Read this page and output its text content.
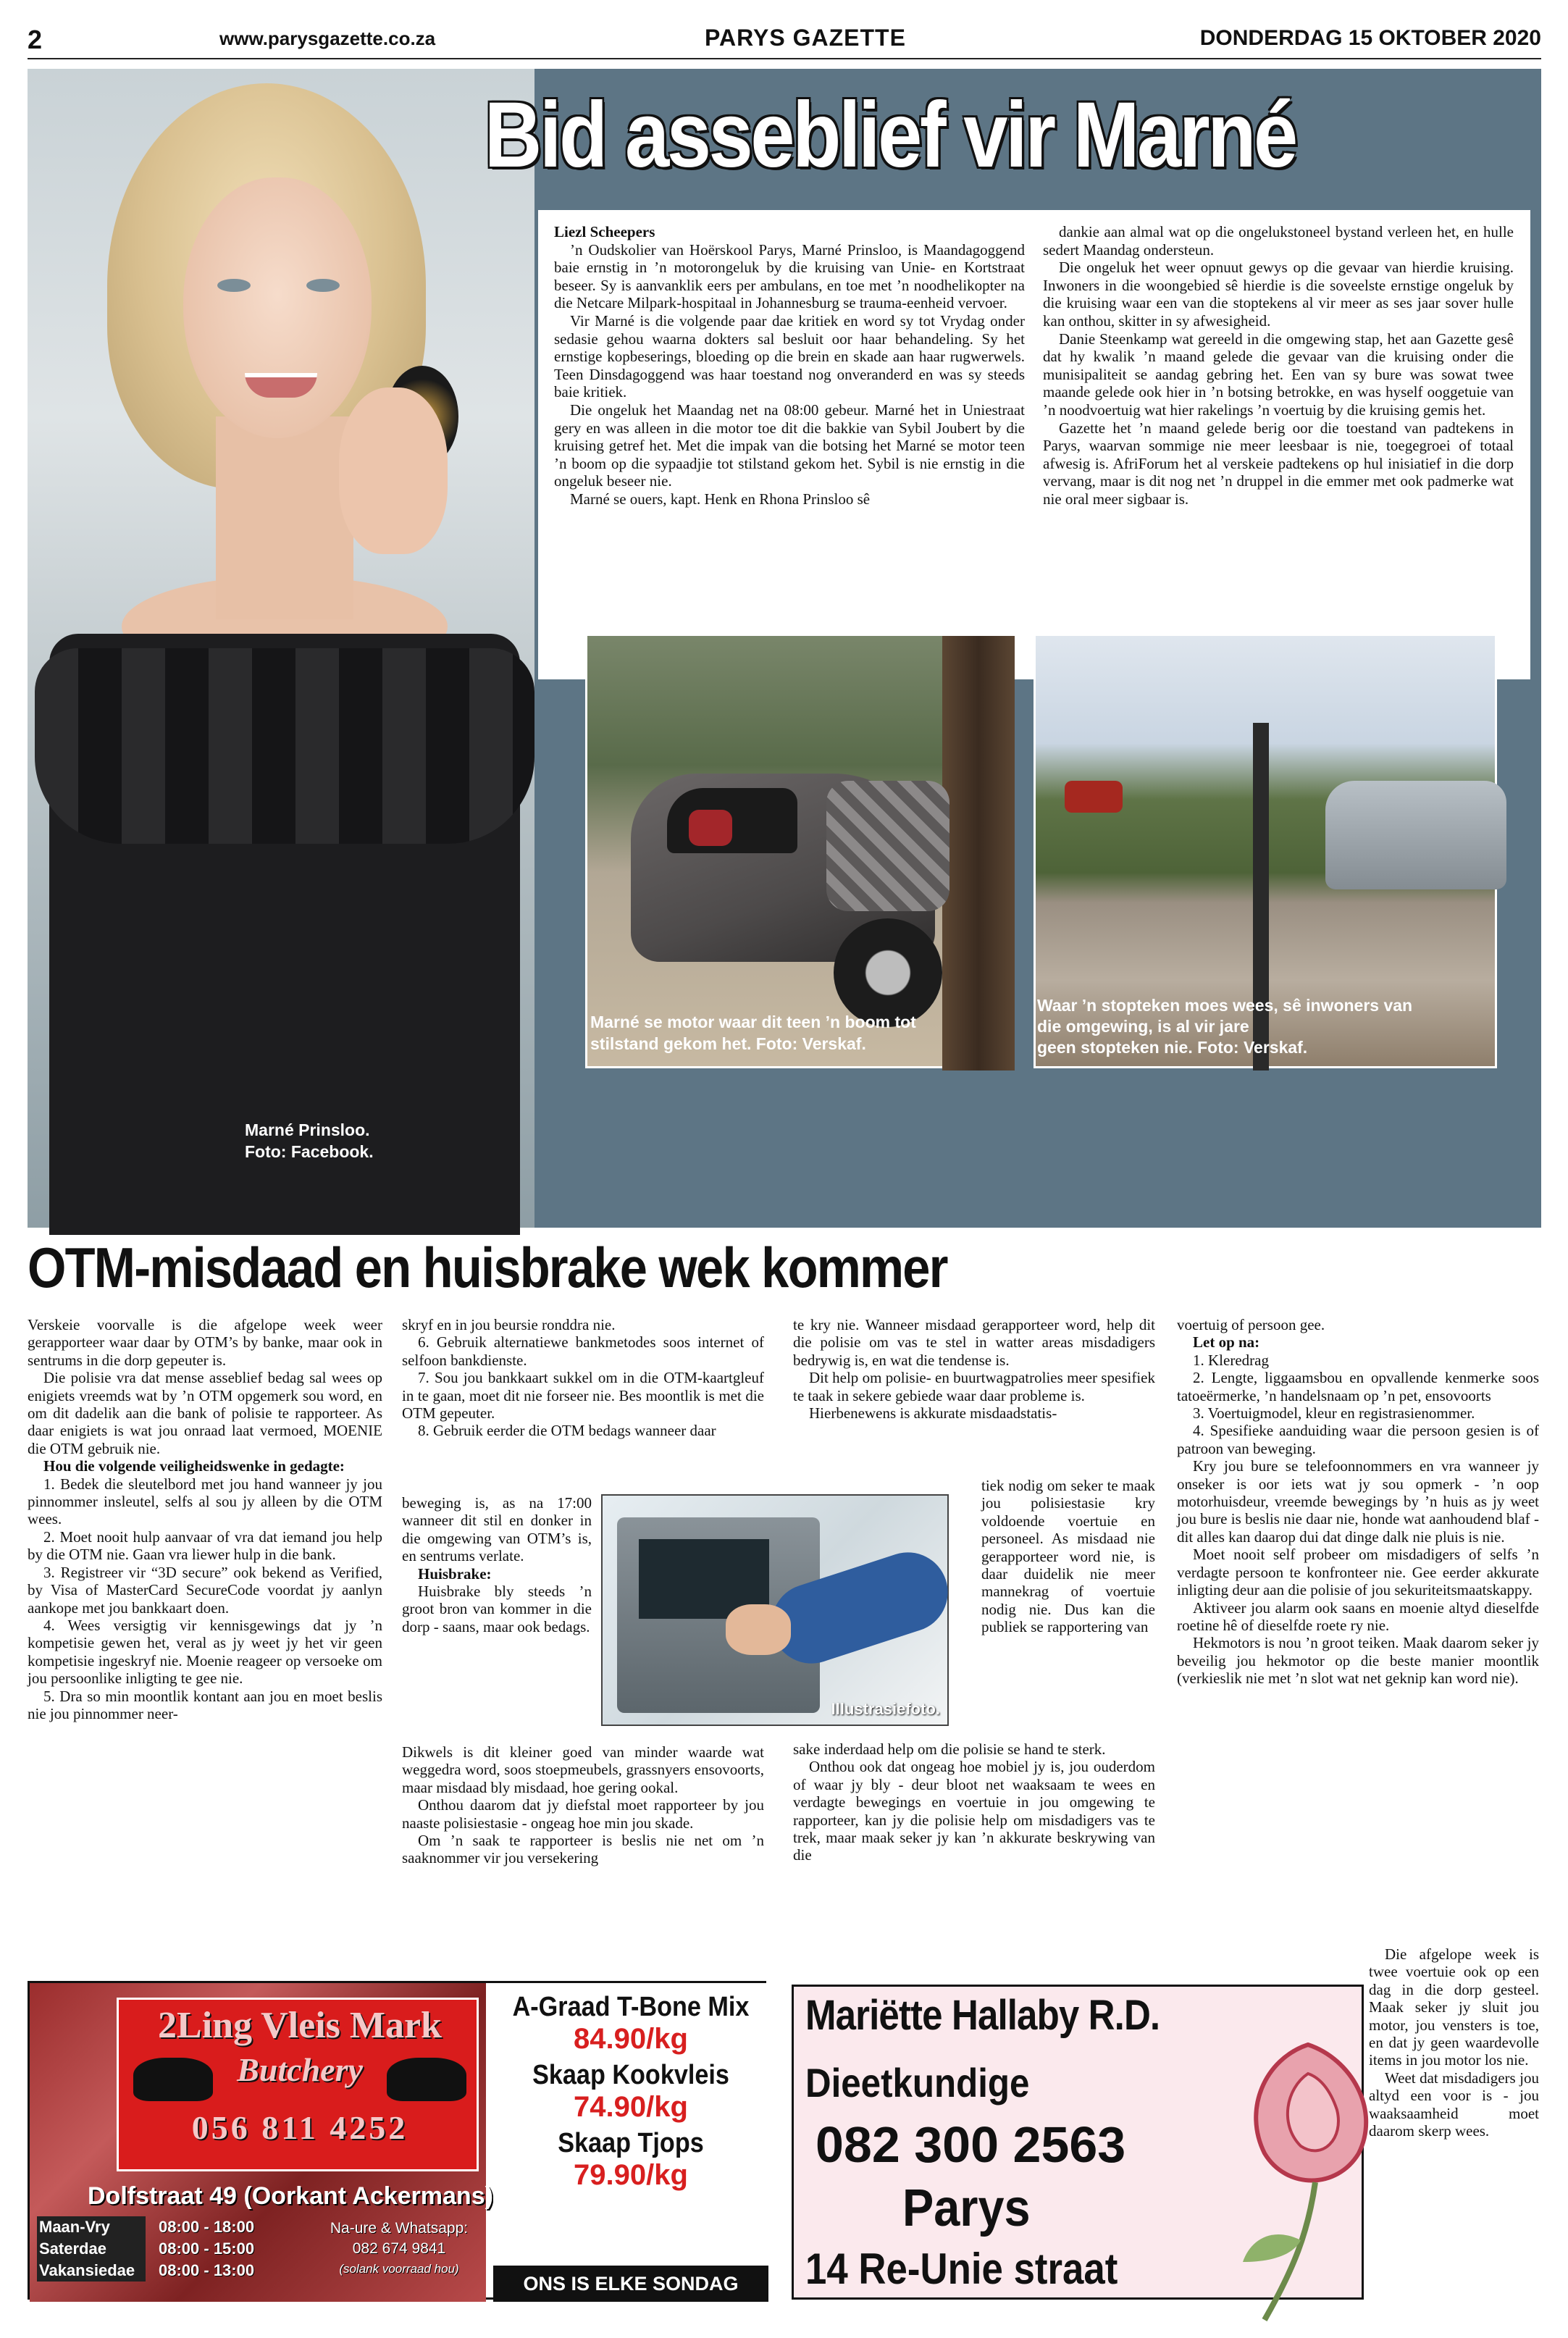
2	www.parysgazette.co.za	PARYS GAZETTE	DONDERDAG 15 OKTOBER 2020
Marné Prinsloo.
Foto: Facebook.
Bid asseblief vir Marné

Liezl Scheepers

’n Oudskolier van Hoërskool Parys, Marné Prinsloo, is Maandagoggend baie ernstig in ’n motorongeluk by die kruising van Unie- en Kortstraat beseer. Sy is aanvanklik eers per ambulans, en toe met ’n noodhelikopter na die Netcare Milpark-hospitaal in Johannesburg se trauma-eenheid vervoer.

Vir Marné is die volgende paar dae kritiek en word sy tot Vrydag onder sedasie gehou waarna dokters sal besluit oor haar behandeling. Sy het ernstige kopbeserings, bloeding op die brein en skade aan haar rugwerwels. Teen Dinsdagoggend was haar toestand nog onveranderd en was sy steeds baie kritiek.

Die ongeluk het Maandag net na 08:00 gebeur. Marné het in Uniestraat gery en was alleen in die motor toe dit die bakkie van Sybil Joubert by die kruising getref het. Met die impak van die botsing het Marné se motor teen ’n boom op die sypaadjie tot stilstand gekom het. Sybil is nie ernstig in die ongeluk beseer nie.

Marné se ouers, kapt. Henk en Rhona Prinsloo sê

dankie aan almal wat op die ongelukstoneel bystand verleen het, en hulle sedert Maandag ondersteun.

Die ongeluk het weer opnuut gewys op die gevaar van hierdie kruising. Inwoners in die woongebied sê hierdie is die soveelste ernstige ongeluk by die kruising waar een van die stoptekens al vir meer as ses jaar sover hulle kan onthou, skitter in sy afwesigheid.

Danie Steenkamp wat gereeld in die omgewing stap, het aan Gazette gesê dat hy kwalik ’n maand gelede die gevaar van die kruising onder die munisipaliteit se aandag gebring het. Een van sy bure was sowat twee maande gelede ook hier in ’n botsing betrokke, en was hyself ooggetuie van ’n noodvoertuig wat hier rakelings ’n voertuig by die kruising gemis het.

Gazette het ’n maand gelede berig oor die toestand van padtekens in Parys, waarvan sommige nie meer leesbaar is nie, toegegroei of totaal afwesig is. AfriForum het al verskeie padtekens op hul inisiatief in die dorp vervang, maar is dit nog net ’n druppel in die emmer met ook padmerke wat nie oral meer sigbaar is.

Marné se motor waar dit teen ’n boom tot
stilstand gekom het. Foto: Verskaf.
Waar ’n stopteken moes wees, sê inwoners van
die omgewing, is al vir jare
geen stopteken nie. Foto: Verskaf.
OTM-misdaad en huisbrake wek kommer

Verskeie voorvalle is die afgelope week weer gerapporteer waar daar by OTM’s by banke, maar ook in sentrums in die dorp gepeuter is.

Die polisie vra dat mense asseblief bedag sal wees op enigiets vreemds wat by ’n OTM opgemerk sou word, en om dit dadelik aan die bank of polisie te rapporteer. As daar enigiets is wat jou onraad laat vermoed, MOENIE die OTM gebruik nie.

Hou die volgende veiligheidswenke in gedagte:

1. Bedek die sleutelbord met jou hand wanneer jy jou pinnommer insleutel, selfs al sou jy alleen by die OTM wees.

2. Moet nooit hulp aanvaar of vra dat iemand jou help by die OTM nie. Gaan vra liewer hulp in die bank.

3. Registreer vir “3D secure” ook bekend as Verified, by Visa of MasterCard SecureCode voordat jy aanlyn aankope met jou bankkaart doen.

4. Wees versigtig vir kennisgewings dat jy ’n kompetisie gewen het, veral as jy weet jy het vir geen kompetisie ingeskryf nie. Moenie reageer op versoeke om jou persoonlike inligting te gee nie.

5. Dra so min moontlik kontant aan jou en moet beslis nie jou pinnommer neer-

skryf en in jou beursie ronddra nie.

6. Gebruik alternatiewe bankmetodes soos internet of selfoon bankdienste.

7. Sou jou bankkaart sukkel om in die OTM-kaartgleuf in te gaan, moet dit nie forseer nie. Bes moontlik is met die OTM gepeuter.

8. Gebruik eerder die OTM bedags wanneer daar

beweging is, as na 17:00 wanneer dit stil en donker in die omgewing van OTM’s is, en sentrums verlate.

Huisbrake:

Huisbrake bly steeds ’n groot bron van kommer in die dorp - saans, maar ook bedags.

Dikwels is dit kleiner goed van minder waarde wat weggedra word, soos stoepmeubels, grassnyers ensovoorts, maar misdaad bly misdaad, hoe gering ookal.

Onthou daarom dat jy diefstal moet rapporteer by jou naaste polisiestasie - ongeag hoe min jou skade.

Om ’n saak te rapporteer is beslis nie net om ’n saaknommer vir jou versekering

te kry nie. Wanneer misdaad gerapporteer word, help dit die polisie om vas te stel in watter areas misdadigers bedrywig is, en wat die tendense is.

Dit help om polisie- en buurtwagpatrolies meer spesifiek te taak in sekere gebiede waar daar probleme is.

Hierbenewens is akkurate misdaadstatis-

tiek nodig om seker te maak jou polisiestasie kry voldoende voertuie en personeel. As misdaad nie gerapporteer word nie, is daar duidelik nie meer mannekrag of voertuie nodig nie. Dus kan die publiek se rapportering van

sake inderdaad help om die polisie se hand te sterk.

Onthou ook dat ongeag hoe mobiel jy is, jou ouderdom of waar jy bly - deur bloot net waaksaam te wees en verdagte bewegings en voertuie in jou omgewing te rapporteer, kan jy die polisie help om misdadigers vas te trek, maar maak seker jy kan ’n akkurate beskrywing van die

voertuig of persoon gee.

Let op na:

1. Kleredrag

2. Lengte, liggaamsbou en opvallende kenmerke soos tatoeërmerke, ’n handelsnaam op ’n pet, ensovoorts

3. Voertuigmodel, kleur en registrasienommer.

4. Spesifieke aanduiding waar die persoon gesien is of patroon van beweging.

Kry jou bure se telefoonnommers en vra wanneer jy onseker is oor iets wat jy sou opmerk - ’n oop motorhuisdeur, vreemde bewegings by ’n huis as jy weet jou bure is beslis nie daar nie, honde wat aanhoudend blaf - dit alles kan daarop dui dat dinge dalk nie pluis is nie.

Moet nooit self probeer om misdadigers of selfs ’n verdagte persoon te konfronteer nie. Gee eerder akkurate inligting deur aan die polisie of jou sekuriteitsmaatskappy.

Aktiveer jou alarm ook saans en moenie altyd dieselfde roetine hê of dieselfde roete ry nie.

Hekmotors is nou ’n groot teiken. Maak daarom seker jy beveilig jou hekmotor op die beste manier moontlik (verkieslik nie met ’n slot wat net geknip kan word nie).

Die afgelope week is twee voertuie ook op een dag in die dorp gesteel. Maak seker jy sluit jou motor, jou vensters is toe, en dat jy geen waardevolle items in jou motor los nie.

Weet dat misdadigers jou altyd een voor is - jou waaksaamheid moet daarom skerp wees.

Illustrasiefoto.
2Ling Vleis Mark
Butchery
056 811 4252
Dolfstraat 49 (Oorkant Ackermans)
Maan-Vry	08:00 - 18:00
Saterdae	08:00 - 15:00
Vakansiedae 08:00 - 13:00
Na-ure & Whatsapp:
082 674 9841
(solank voorraad hou)
A-Graad T-Bone Mix
84.90/kg
Skaap Kookvleis
74.90/kg
Skaap Tjops
79.90/kg
ONS IS ELKE SONDAG OOP!!!
Mariëtte Hallaby R.D.
Dieetkundige
082 300 2563
Parys
14 Re-Unie straat
